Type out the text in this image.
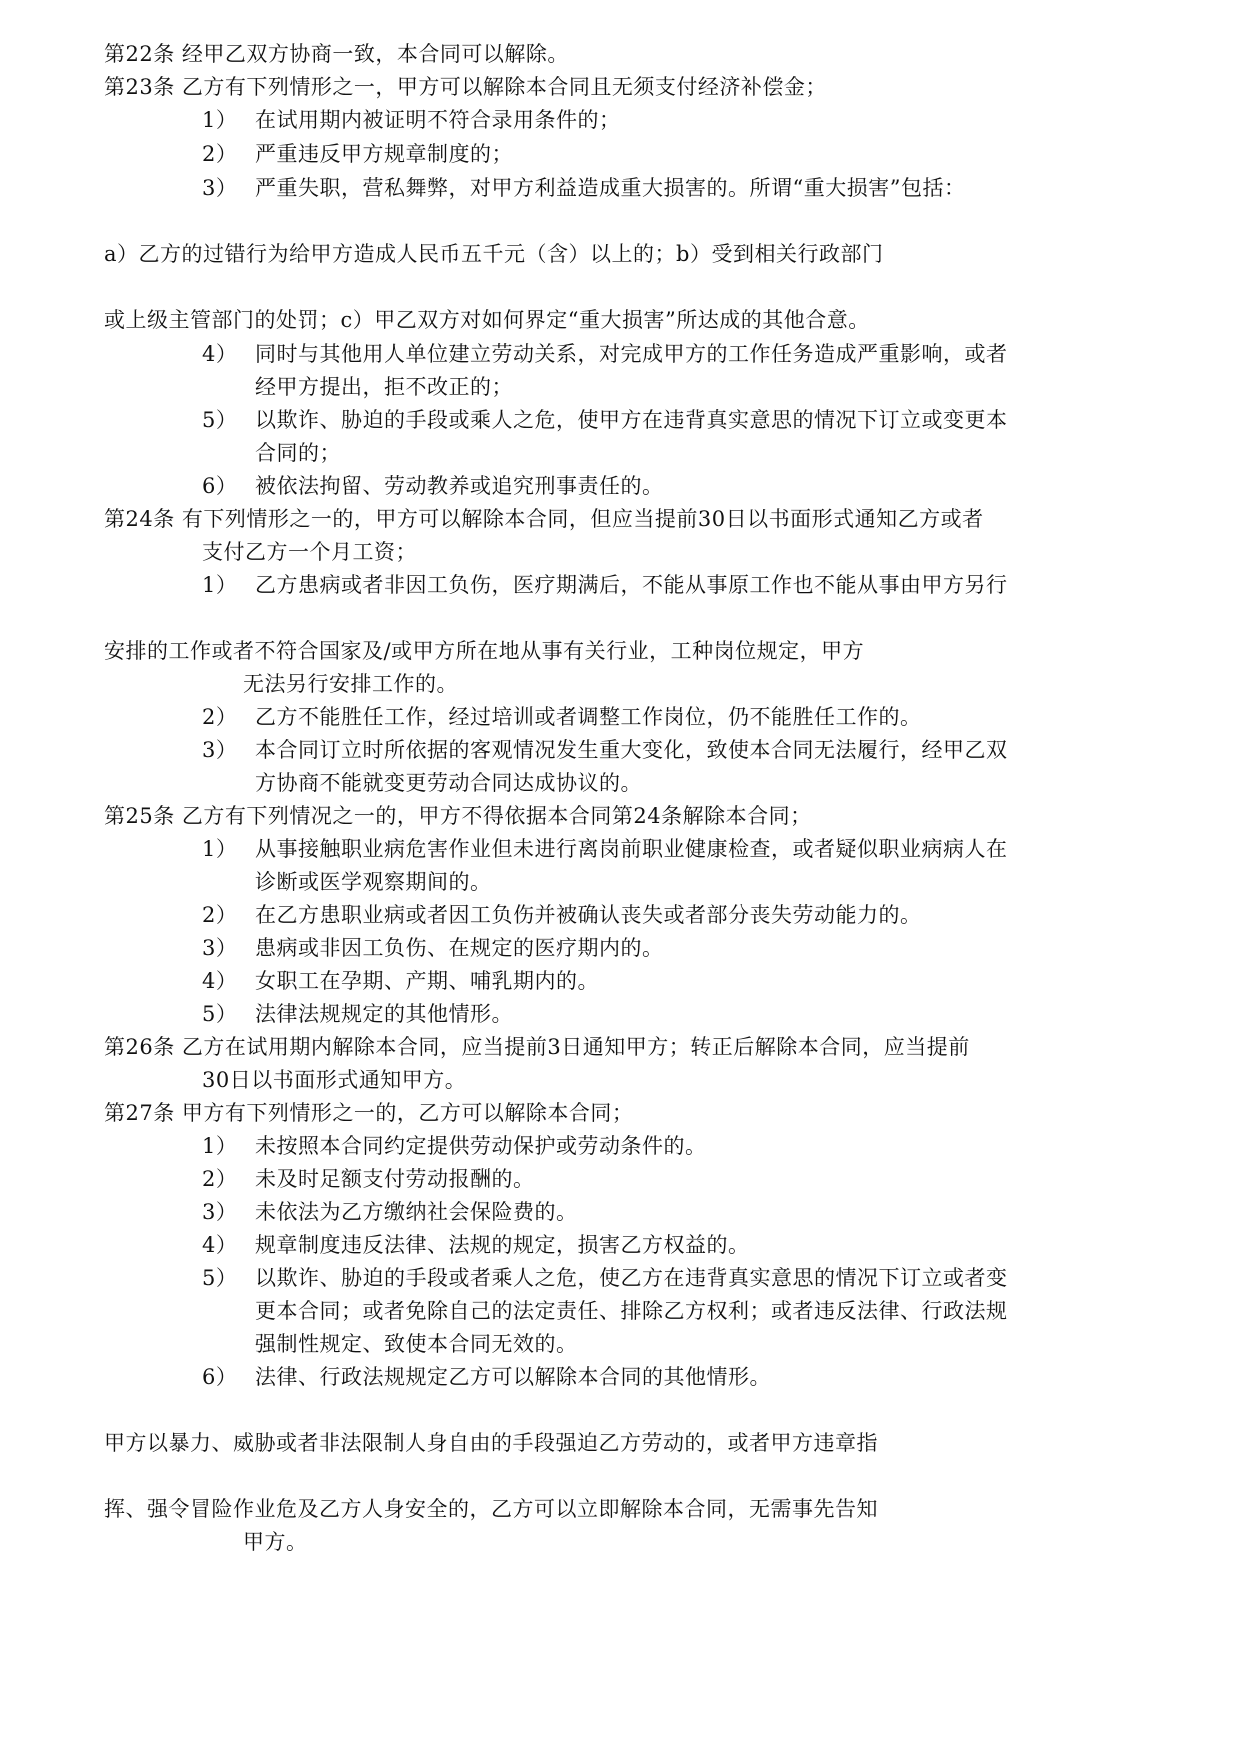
第22条 经甲乙双方协商一致，本合同可以解除。
第23条 乙方有下列情形之一，甲方可以解除本合同且无须支付经济补偿金；
1） 在试用期内被证明不符合录用条件的；
2） 严重违反甲方规章制度的；
3） 严重失职，营私舞弊，对甲方利益造成重大损害的。所谓“重大损害”包括：
a）乙方的过错行为给甲方造成人民币五千元（含）以上的；b）受到相关行政部门
或上级主管部门的处罚；c）甲乙双方对如何界定“重大损害”所达成的其他合意。
4） 同时与其他用人单位建立劳动关系，对完成甲方的工作任务造成严重影响，或者
经甲方提出，拒不改正的；
5） 以欺诈、胁迫的手段或乘人之危，使甲方在违背真实意思的情况下订立或变更本
合同的；
6） 被依法拘留、劳动教养或追究刑事责任的。
第24条 有下列情形之一的，甲方可以解除本合同，但应当提前30日以书面形式通知乙方或者
支付乙方一个月工资；
1） 乙方患病或者非因工负伤，医疗期满后，不能从事原工作也不能从事由甲方另行
安排的工作或者不符合国家及/或甲方所在地从事有关行业，工种岗位规定，甲方
无法另行安排工作的。
2） 乙方不能胜任工作，经过培训或者调整工作岗位，仍不能胜任工作的。
3） 本合同订立时所依据的客观情况发生重大变化，致使本合同无法履行，经甲乙双
方协商不能就变更劳动合同达成协议的。
第25条 乙方有下列情况之一的，甲方不得依据本合同第24条解除本合同；
1） 从事接触职业病危害作业但未进行离岗前职业健康检查，或者疑似职业病病人在
诊断或医学观察期间的。
2） 在乙方患职业病或者因工负伤并被确认丧失或者部分丧失劳动能力的。
3） 患病或非因工负伤、在规定的医疗期内的。
4） 女职工在孕期、产期、哺乳期内的。
5） 法律法规规定的其他情形。
第26条 乙方在试用期内解除本合同，应当提前3日通知甲方；转正后解除本合同，应当提前
30日以书面形式通知甲方。
第27条 甲方有下列情形之一的，乙方可以解除本合同；
1） 未按照本合同约定提供劳动保护或劳动条件的。
2） 未及时足额支付劳动报酬的。
3） 未依法为乙方缴纳社会保险费的。
4） 规章制度违反法律、法规的规定，损害乙方权益的。
5） 以欺诈、胁迫的手段或者乘人之危，使乙方在违背真实意思的情况下订立或者变
更本合同；或者免除自己的法定责任、排除乙方权利；或者违反法律、行政法规
强制性规定、致使本合同无效的。
6） 法律、行政法规规定乙方可以解除本合同的其他情形。
甲方以暴力、威胁或者非法限制人身自由的手段强迫乙方劳动的，或者甲方违章指
挥、强令冒险作业危及乙方人身安全的，乙方可以立即解除本合同，无需事先告知
甲方。
